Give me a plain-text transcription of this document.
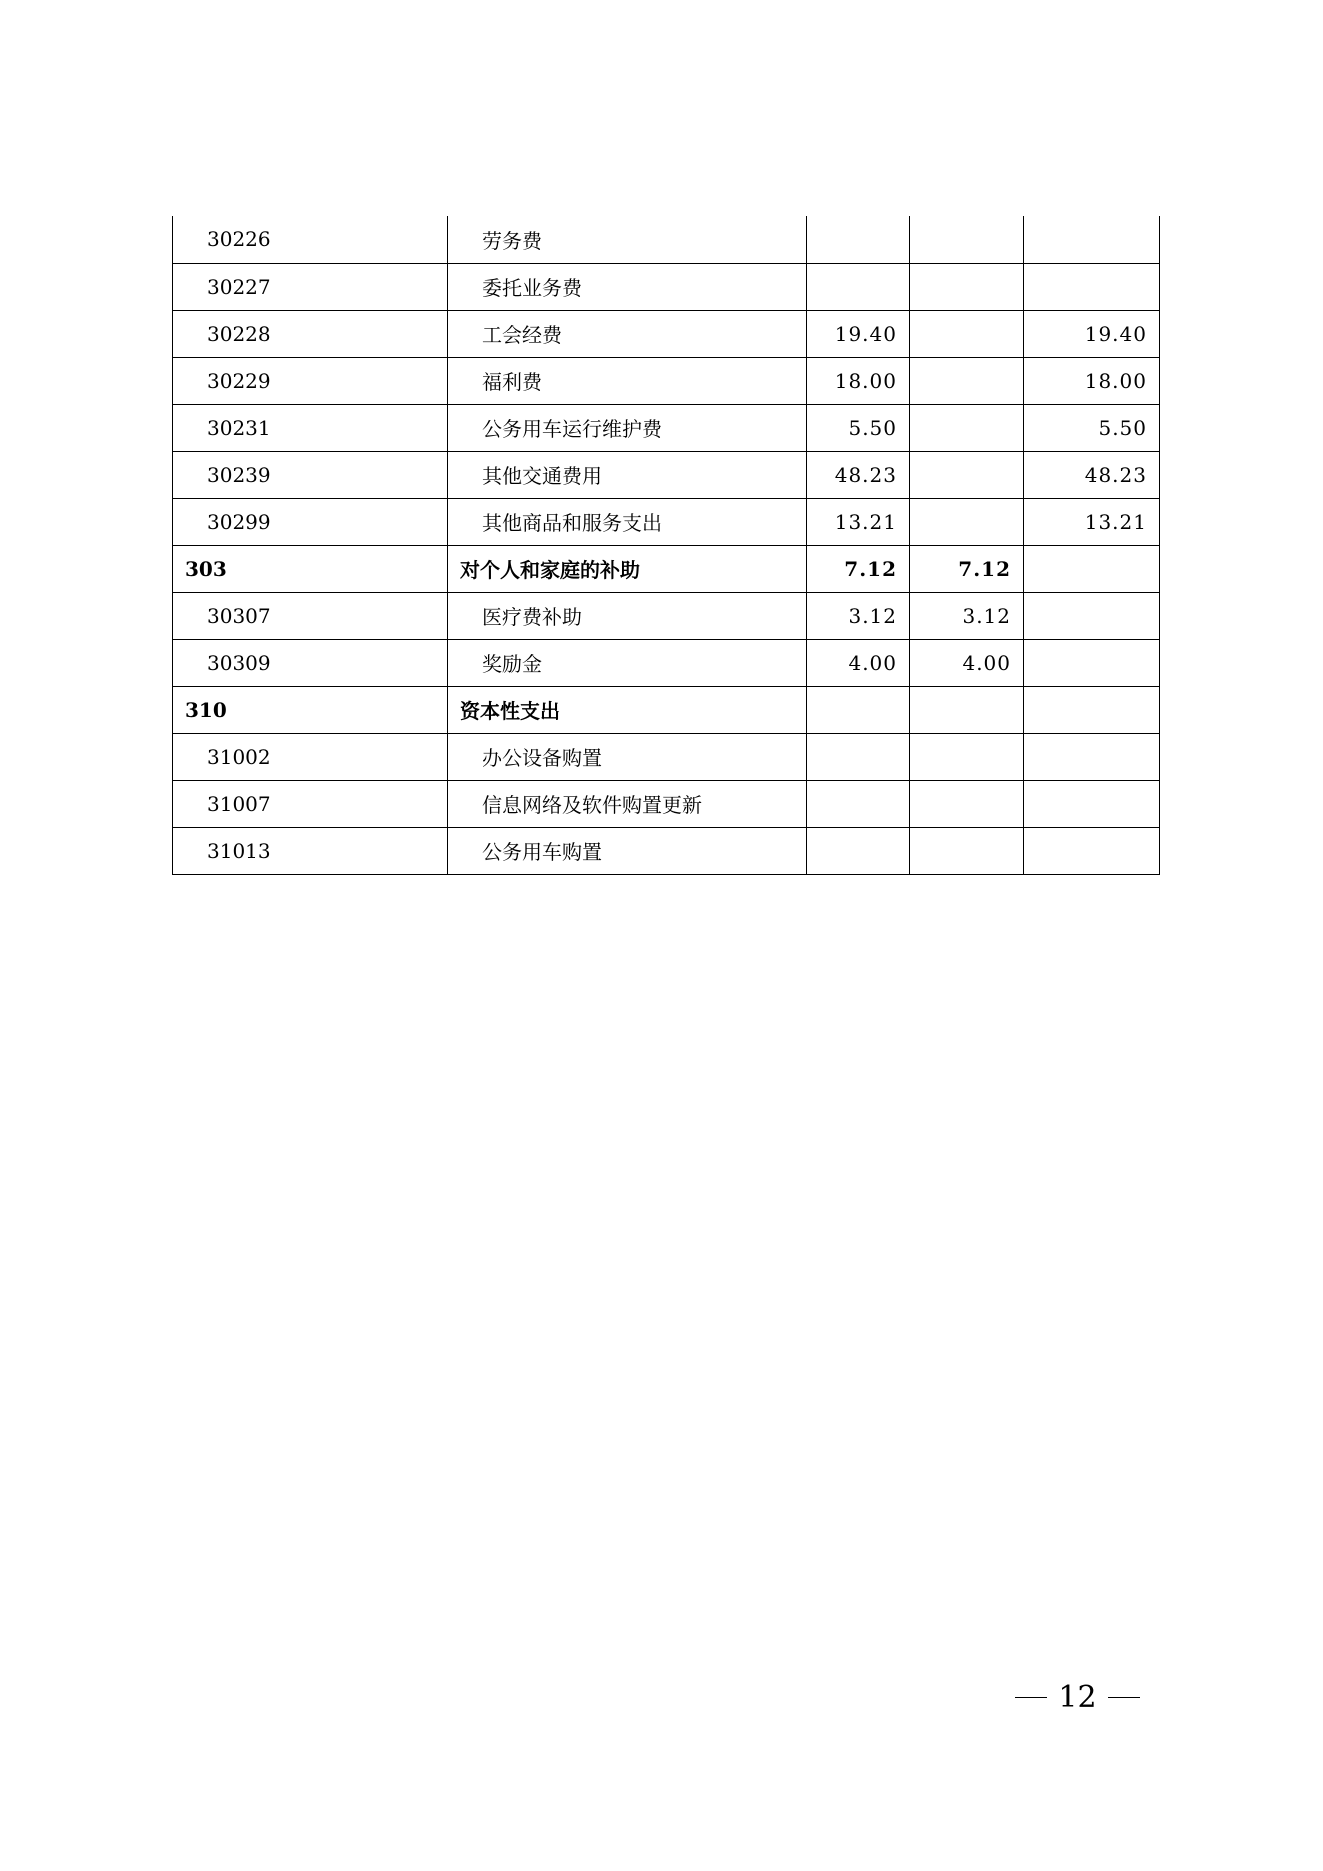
30226	劳务费			
30227	委托业务费			
30228	工会经费	19.40		19.40
30229	福利费	18.00		18.00
30231	公务用车运行维护费	5.50		5.50
30239	其他交通费用	48.23		48.23
30299	其他商品和服务支出	13.21		13.21
303	对个人和家庭的补助	7.12	7.12	
30307	医疗费补助	3.12	3.12	
30309	奖励金	4.00	4.00	
310	资本性支出			
31002	办公设备购置			
31007	信息网络及软件购置更新			
31013	公务用车购置			
12
